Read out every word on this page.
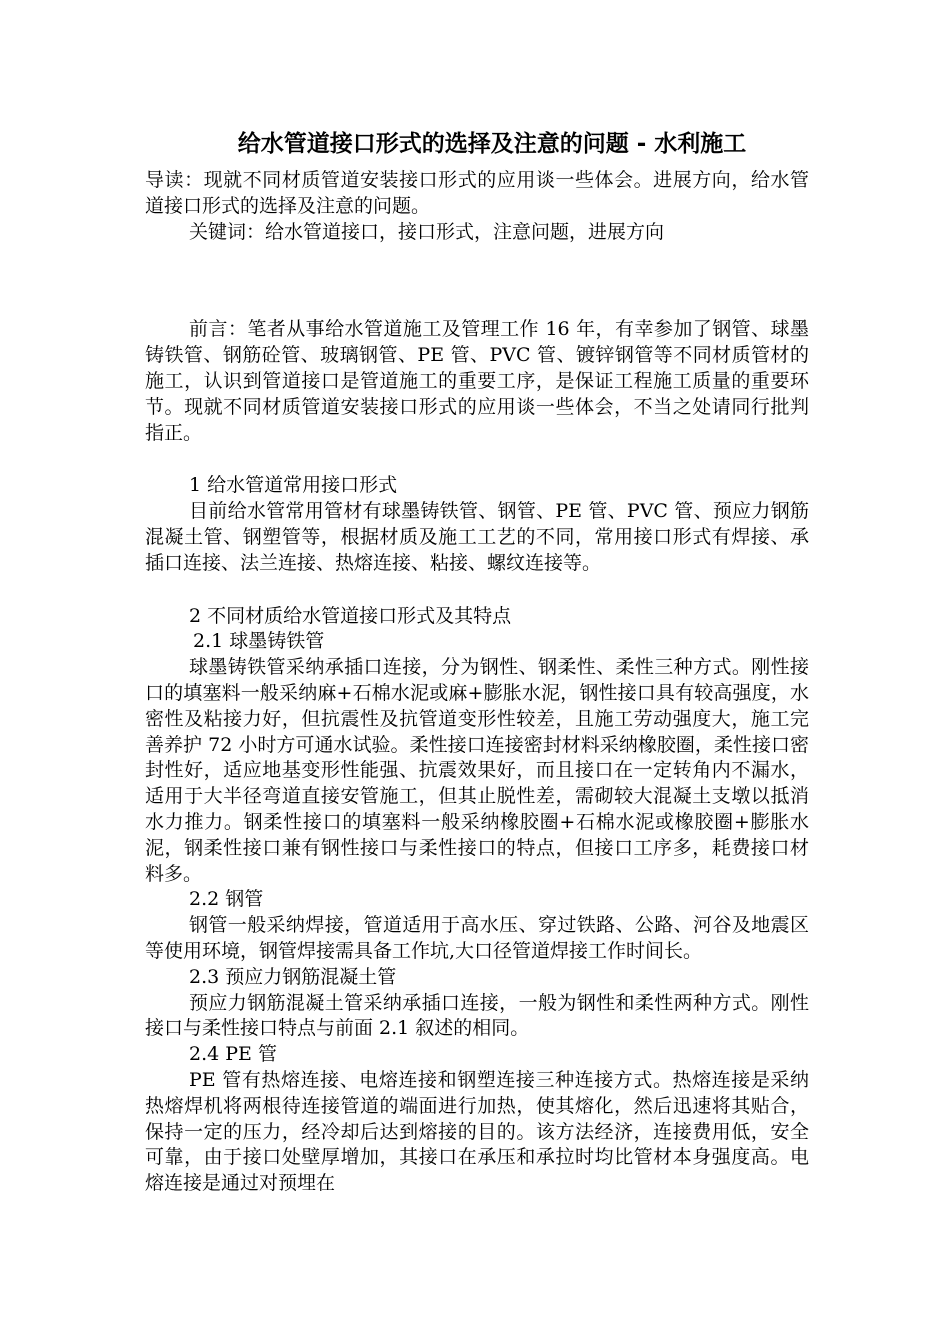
给水管道接口形式的选择及注意的问题 - 水利施工

导读：现就不同材质管道安装接口形式的应用谈一些体会。进展方向，给水管道接口形式的选择及注意的问题。

关键词：给水管道接口，接口形式，注意问题，进展方向

前言：笔者从事给水管道施工及管理工作 16 年，有幸参加了钢管、球墨铸铁管、钢筋砼管、玻璃钢管、PE 管、PVC 管、镀锌钢管等不同材质管材的施工，认识到管道接口是管道施工的重要工序，是保证工程施工质量的重要环节。现就不同材质管道安装接口形式的应用谈一些体会，不当之处请同行批判指正。

1 给水管道常用接口形式

目前给水管常用管材有球墨铸铁管、钢管、PE 管、PVC 管、预应力钢筋混凝土管、钢塑管等，根据材质及施工工艺的不同，常用接口形式有焊接、承插口连接、法兰连接、热熔连接、粘接、螺纹连接等。

2 不同材质给水管道接口形式及其特点

2.1 球墨铸铁管

球墨铸铁管采纳承插口连接，分为钢性、钢柔性、柔性三种方式。刚性接口的填塞料一般采纳麻+石棉水泥或麻+膨胀水泥，钢性接口具有较高强度，水密性及粘接力好，但抗震性及抗管道变形性较差，且施工劳动强度大，施工完善养护 72 小时方可通水试验。柔性接口连接密封材料采纳橡胶圈，柔性接口密封性好，适应地基变形性能强、抗震效果好，而且接口在一定转角内不漏水，适用于大半径弯道直接安管施工，但其止脱性差，需砌较大混凝土支墩以抵消水力推力。钢柔性接口的填塞料一般采纳橡胶圈+石棉水泥或橡胶圈+膨胀水泥，钢柔性接口兼有钢性接口与柔性接口的特点，但接口工序多，耗费接口材料多。

2.2 钢管

钢管一般采纳焊接，管道适用于高水压、穿过铁路、公路、河谷及地震区等使用环境，钢管焊接需具备工作坑,大口径管道焊接工作时间长。

2.3 预应力钢筋混凝土管

预应力钢筋混凝土管采纳承插口连接，一般为钢性和柔性两种方式。刚性接口与柔性接口特点与前面 2.1 叙述的相同。

2.4 PE 管

PE 管有热熔连接、电熔连接和钢塑连接三种连接方式。热熔连接是采纳热熔焊机将两根待连接管道的端面进行加热，使其熔化，然后迅速将其贴合，保持一定的压力，经冷却后达到熔接的目的。该方法经济，连接费用低，安全可靠，由于接口处壁厚增加，其接口在承压和承拉时均比管材本身强度高。电熔连接是通过对预埋在
